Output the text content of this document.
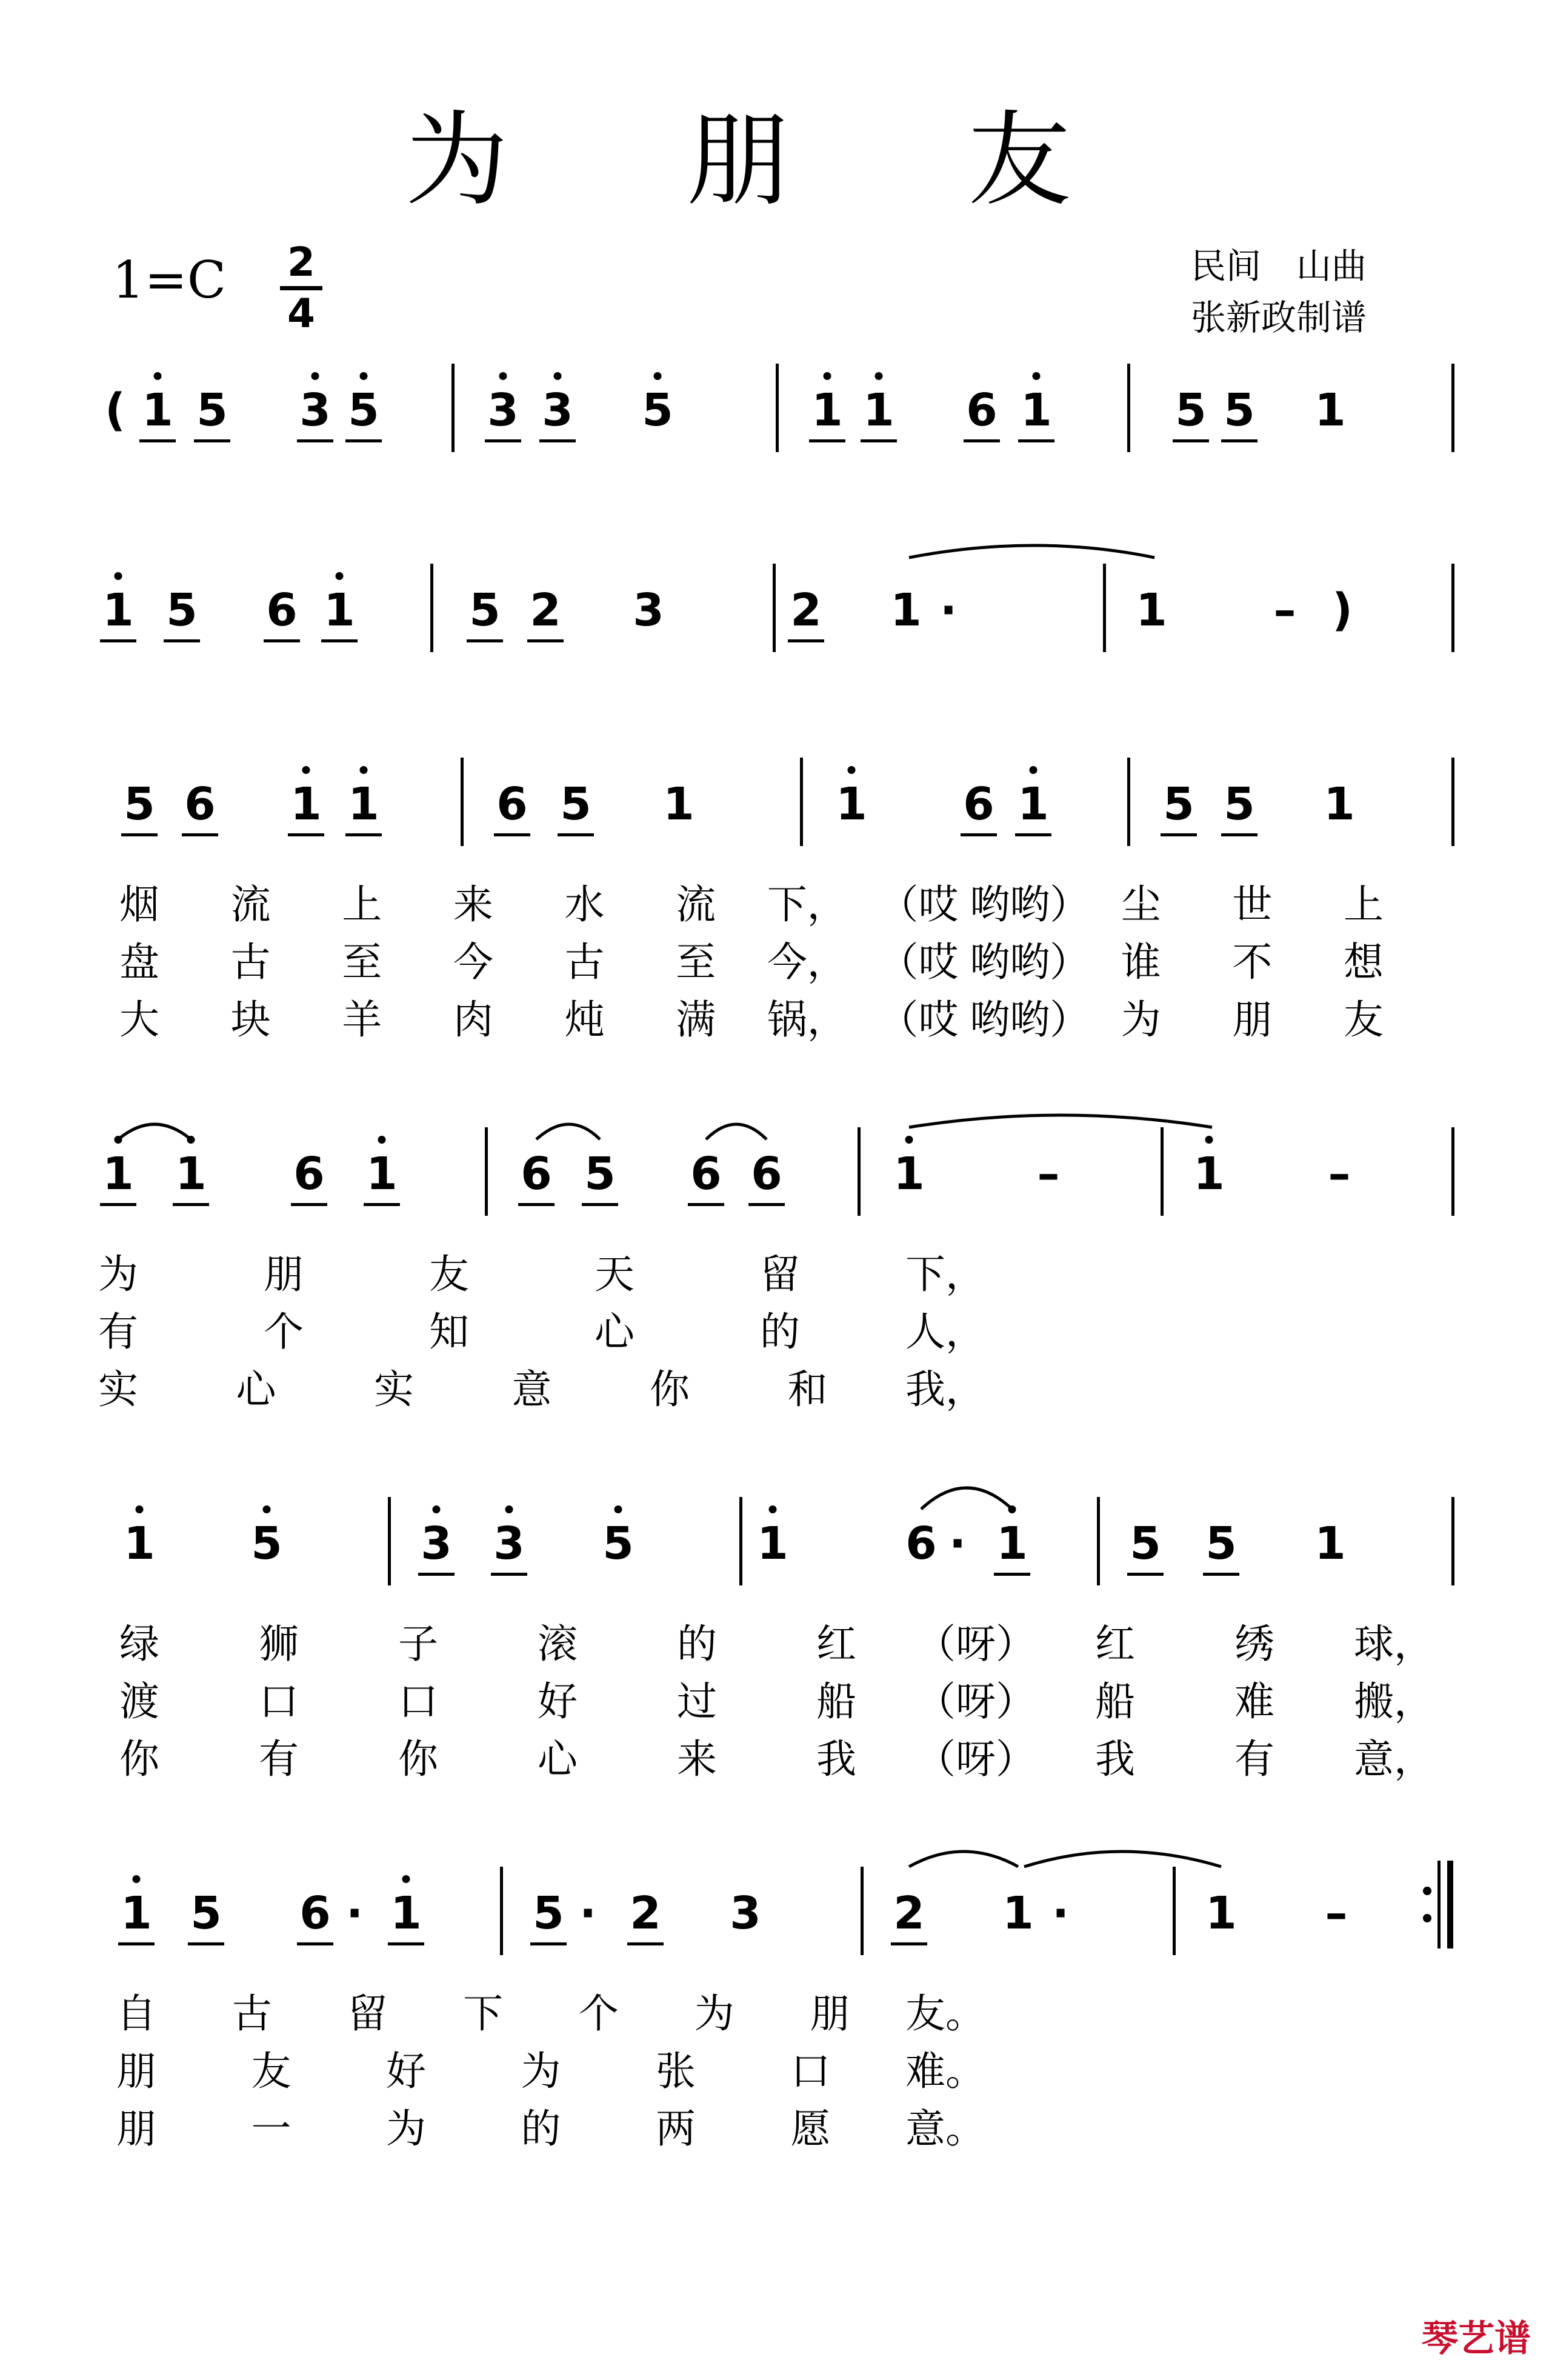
为 朋 友
1=C 2
4
民间　山曲
张新政制谱
( 1 5 3 5 3 3 5	1 1 6 1	5 5 1
1 5 6 1	5 2 3	2 1 ·	1 – )
5 6 1 1	6 5 1	1 6 1	5 5 1
烟 流 上 来 水 流 下， （哎 哟哟） 尘 世 上
盘 古 至 今 古 至 今， （哎 哟哟） 谁 不 想
大 块 羊 肉 炖 满 锅， （哎 哟哟） 为 朋 友
1 1 6 1	6 5 6 6 1	–	1 –
为	朋	友	天	留	下，
有	个	知	心	的	人，
实 心 实 意 你 和 我，
1 5	3 3 5	1	6 · 1 5 5 1
绿 狮 子 滚 的 红 （呀） 红 绣 球，
渡 口 口 好 过 船 （呀） 船 难 搬，
你 有 你 心 来 我 （呀） 我 有 意，
1 5 6 · 1 5 · 2 3	2 1 ·	1 –
自 古 留 下 个 为 朋 友。
朋 友 好 为 张 口 难。
朋 一 为 的 两 愿 意。
琴艺谱
